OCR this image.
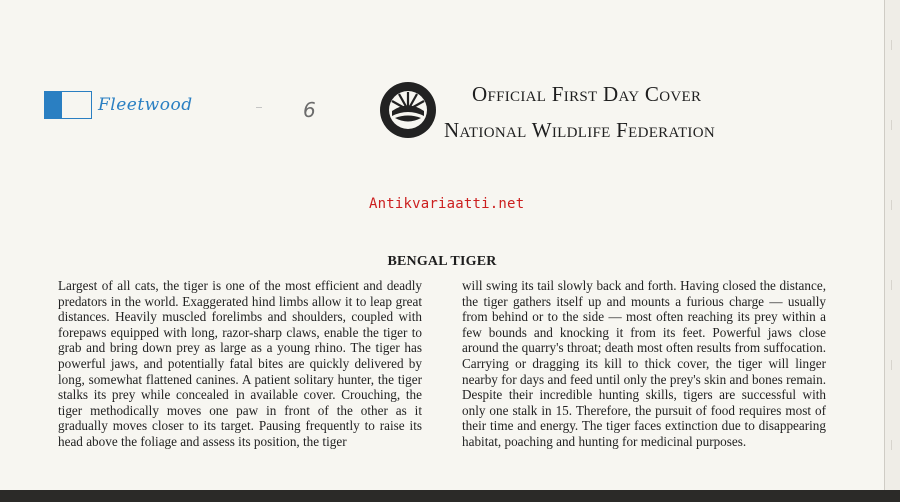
Fleetwood	6
Official First Day Cover
National Wildlife Federation
Antikvariaatti.net
BENGAL TIGER
Largest of all cats, the tiger is one of the most efficient and deadly predators in the world. Exaggerated hind limbs allow it to leap great distances. Heavily muscled forelimbs and shoulders, coupled with forepaws equipped with long, razor-sharp claws, enable the tiger to grab and bring down prey as large as a young rhino. The tiger has powerful jaws, and potentially fatal bites are quickly delivered by long, somewhat flattened canines. A patient solitary hunter, the tiger stalks its prey while concealed in available cover. Crouching, the tiger methodically moves one paw in front of the other as it gradually moves closer to its target. Pausing frequently to raise its head above the foliage and assess its position, the tiger
will swing its tail slowly back and forth. Having closed the distance, the tiger gathers itself up and mounts a furious charge — usually from behind or to the side — most often reaching its prey within a few bounds and knocking it from its feet. Powerful jaws close around the quarry's throat; death most often results from suffocation. Carrying or dragging its kill to thick cover, the tiger will linger nearby for days and feed until only the prey's skin and bones remain. Despite their incredible hunting skills, tigers are successful with only one stalk in 15. Therefore, the pursuit of food requires most of their time and energy. The tiger faces extinction due to disappearing habitat, poaching and hunting for medicinal purposes.
